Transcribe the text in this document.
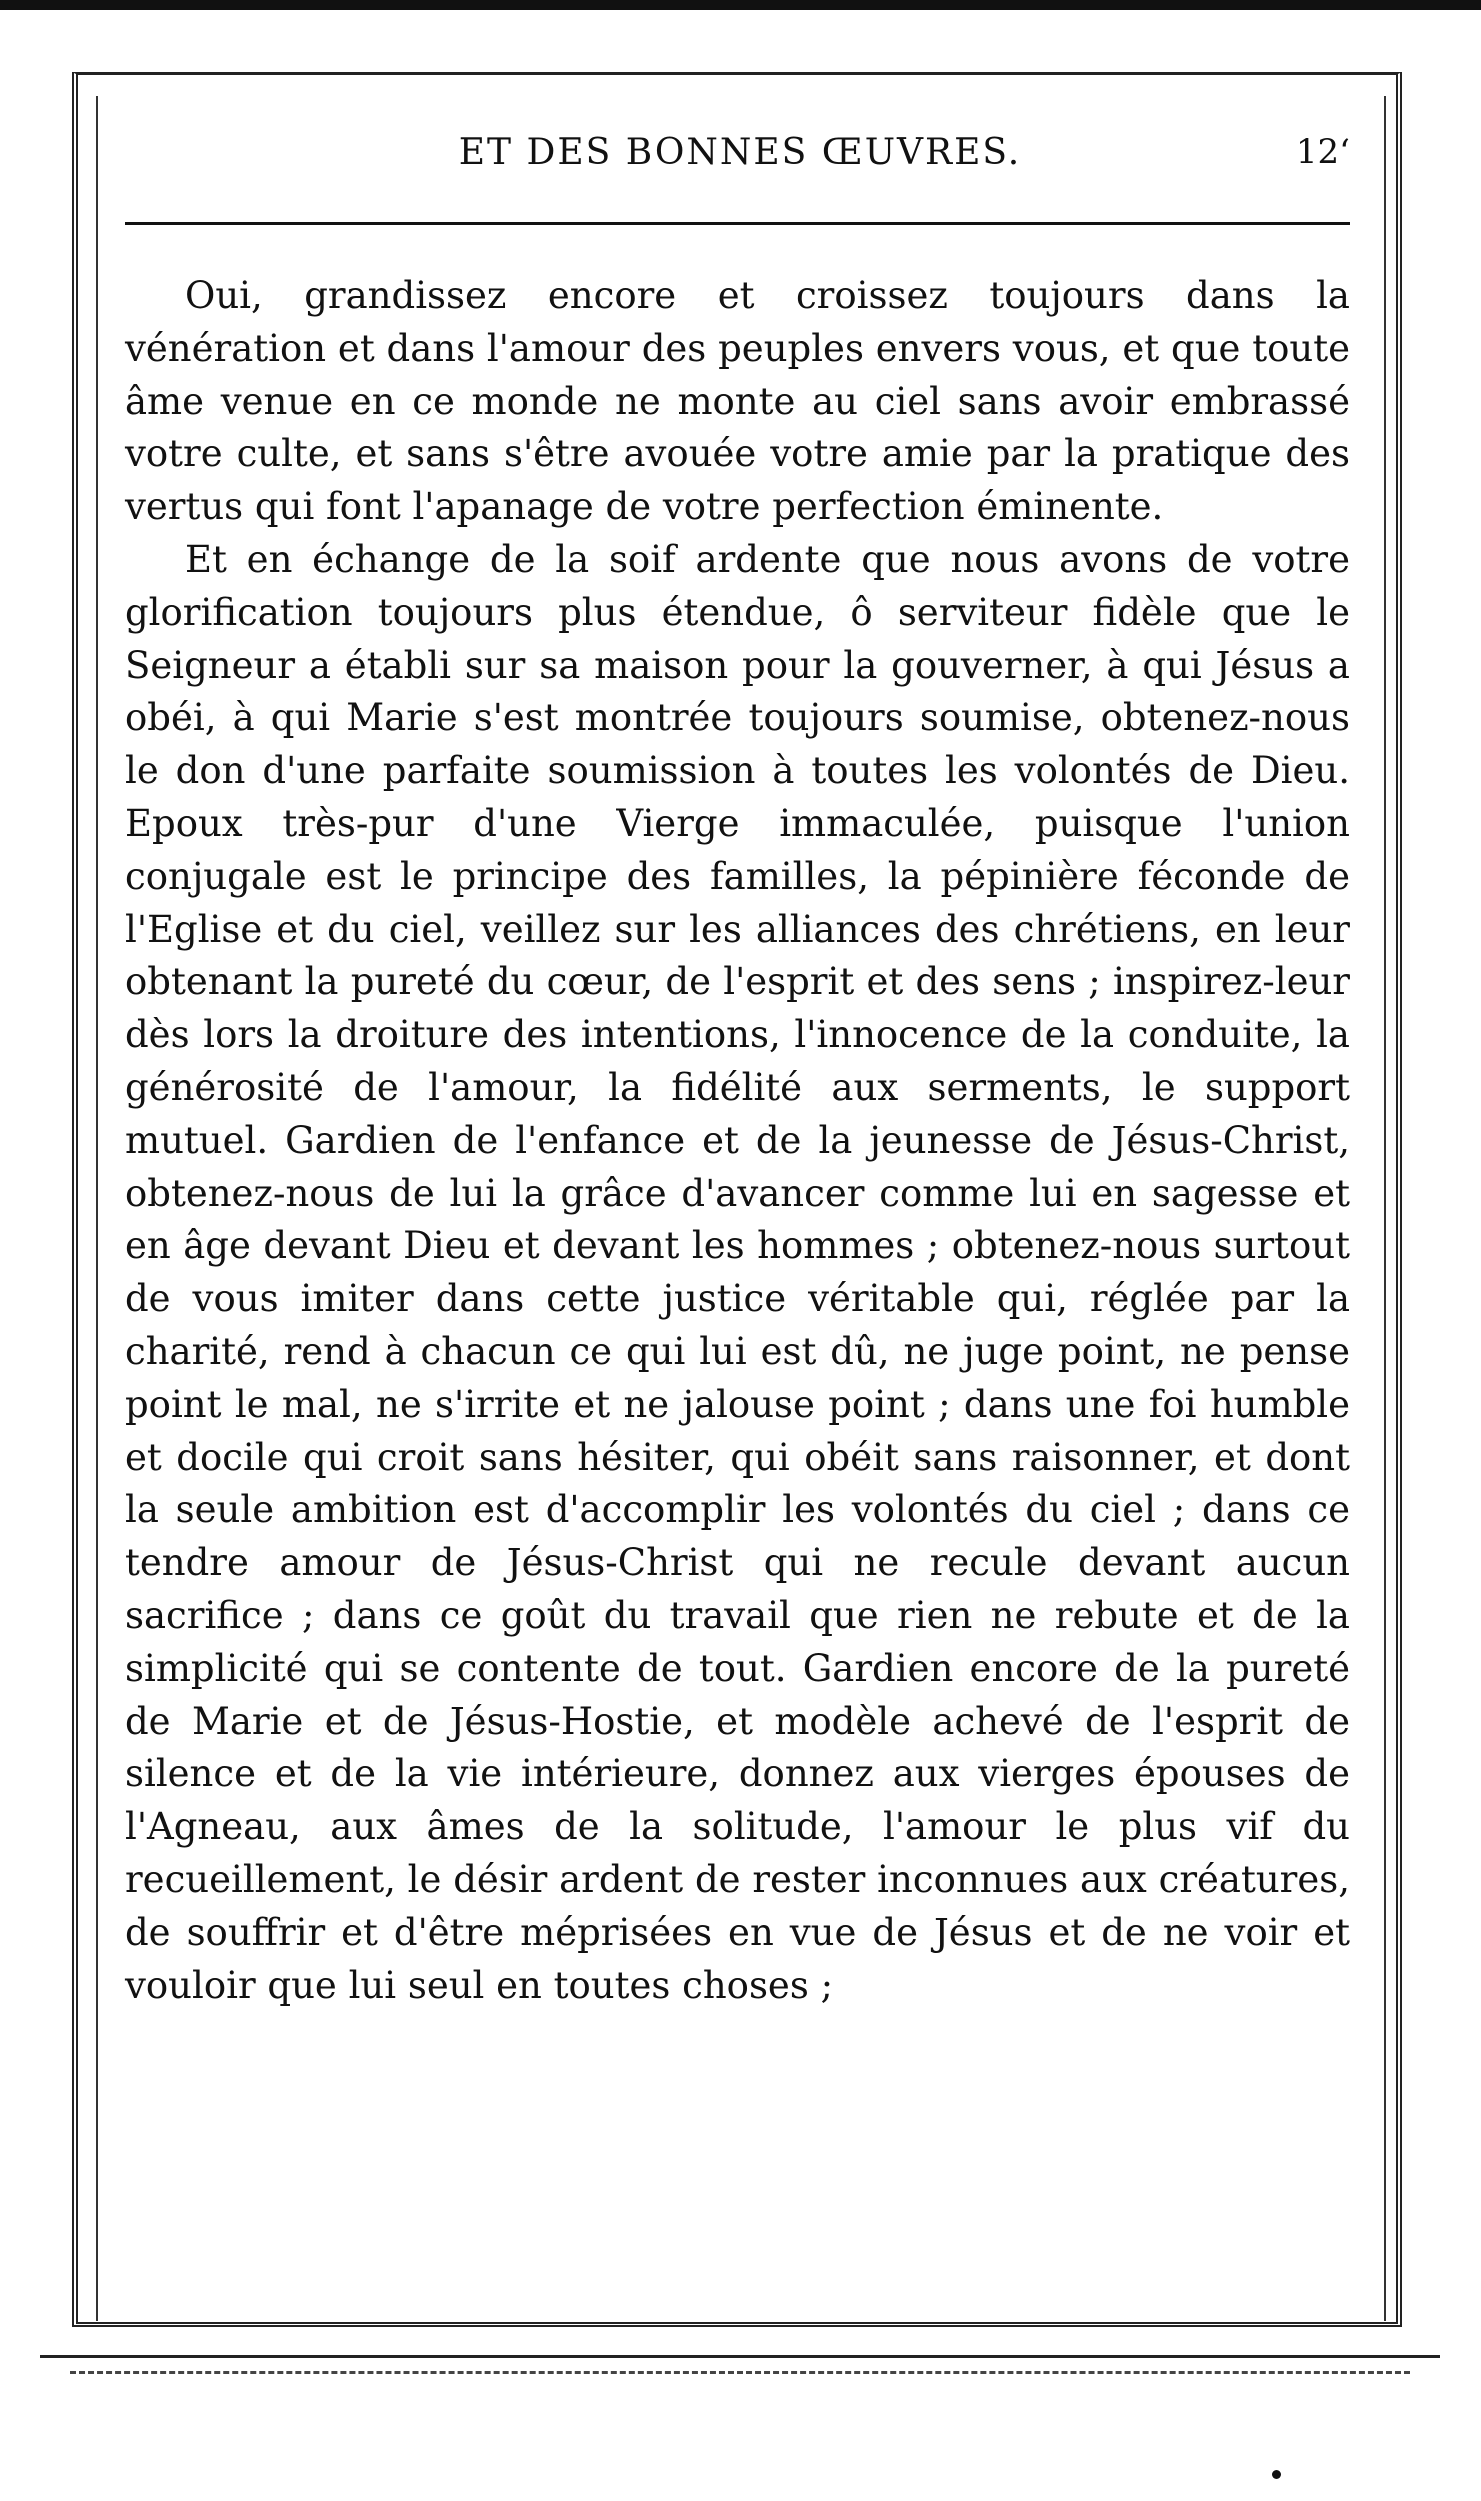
ET DES BONNES ŒUVRES.	12‘

Oui, grandissez encore et croissez toujours dans la vénération et dans l'amour des peuples envers vous, et que toute âme venue en ce monde ne monte au ciel sans avoir embrassé votre culte, et sans s'être avouée votre amie par la pratique des vertus qui font l'apanage de votre perfection éminente.

Et en échange de la soif ardente que nous avons de votre glorification toujours plus étendue, ô serviteur fidèle que le Seigneur a établi sur sa maison pour la gouverner, à qui Jésus a obéi, à qui Marie s'est montrée toujours soumise, obtenez-nous le don d'une parfaite soumission à toutes les volontés de Dieu. Epoux très-pur d'une Vierge immaculée, puisque l'union conjugale est le principe des familles, la pépinière féconde de l'Eglise et du ciel, veillez sur les alliances des chrétiens, en leur obtenant la pureté du cœur, de l'esprit et des sens ; inspirez-leur dès lors la droiture des intentions, l'innocence de la conduite, la générosité de l'amour, la fidélité aux serments, le support mutuel. Gardien de l'enfance et de la jeunesse de Jésus-Christ, obtenez-nous de lui la grâce d'avancer comme lui en sagesse et en âge devant Dieu et devant les hommes ; obtenez-nous surtout de vous imiter dans cette justice véritable qui, réglée par la charité, rend à chacun ce qui lui est dû, ne juge point, ne pense point le mal, ne s'irrite et ne jalouse point ; dans une foi humble et docile qui croit sans hésiter, qui obéit sans raisonner, et dont la seule ambition est d'accomplir les volontés du ciel ; dans ce tendre amour de Jésus-Christ qui ne recule devant aucun sacrifice ; dans ce goût du travail que rien ne rebute et de la simplicité qui se contente de tout. Gardien encore de la pureté de Marie et de Jésus-Hostie, et modèle achevé de l'esprit de silence et de la vie intérieure, donnez aux vierges épouses de l'Agneau, aux âmes de la solitude, l'amour le plus vif du recueillement, le désir ardent de rester inconnues aux créatures, de souffrir et d'être méprisées en vue de Jésus et de ne voir et vouloir que lui seul en toutes choses ;
